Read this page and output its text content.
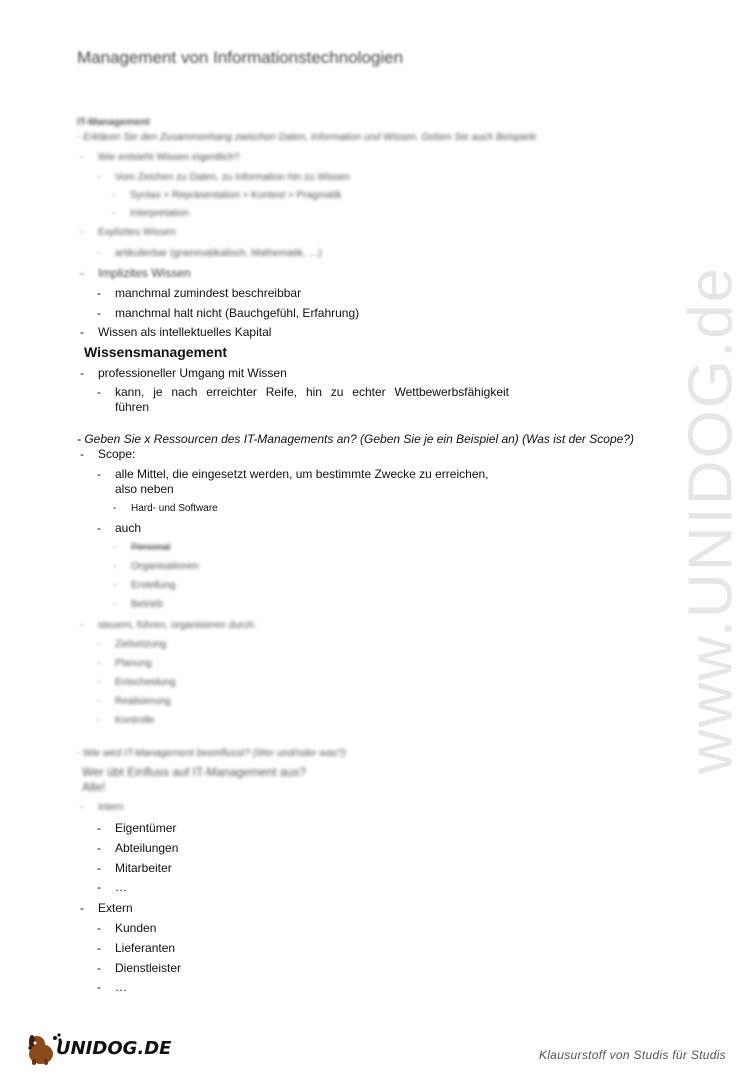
www.UNIDOG.de
Management von Informationstechnologien
IT-Management
- Erklären Sie den Zusammenhang zwischen Daten, Information und Wissen. Geben Sie auch Beispiele
- Wie entsteht Wissen eigentlich?
- Vom Zeichen zu Daten, zu Information hin zu Wissen
- Syntax > Repräsentation > Kontext > Pragmatik
- Interpretation
- Explizites Wissen
- artikulierbar (grammatikalisch, Mathematik, …)
- Implizites Wissen
- manchmal zumindest beschreibbar
- manchmal halt nicht (Bauchgefühl, Erfahrung)
- Wissen als intellektuelles Kapital
Wissensmanagement
- professioneller Umgang mit Wissen
- kann, je nach erreichter Reife, hin zu echter Wettbewerbsfähigkeit
führen
- Geben Sie x Ressourcen des IT-Managements an? (Geben Sie je ein Beispiel an) (Was ist der Scope?)
- Scope:
- alle Mittel, die eingesetzt werden, um bestimmte Zwecke zu erreichen,
also neben
- Hard- und Software
- auch
- Personal
- Organisationen
- Erstellung
- Betrieb
- steuern, führen, organisieren durch:
- Zielsetzung
- Planung
- Entscheidung
- Realisierung
- Kontrolle
- Wie wird IT-Management beeinflusst? (Wer und/oder was?)
Wer übt Einfluss auf IT-Management aus?
Alle!
- Intern
- Eigentümer
- Abteilungen
- Mitarbeiter
- …
- Extern
- Kunden
- Lieferanten
- Dienstleister
- …
UNIDOG.DE	Klausurstoff von Studis für Studis
